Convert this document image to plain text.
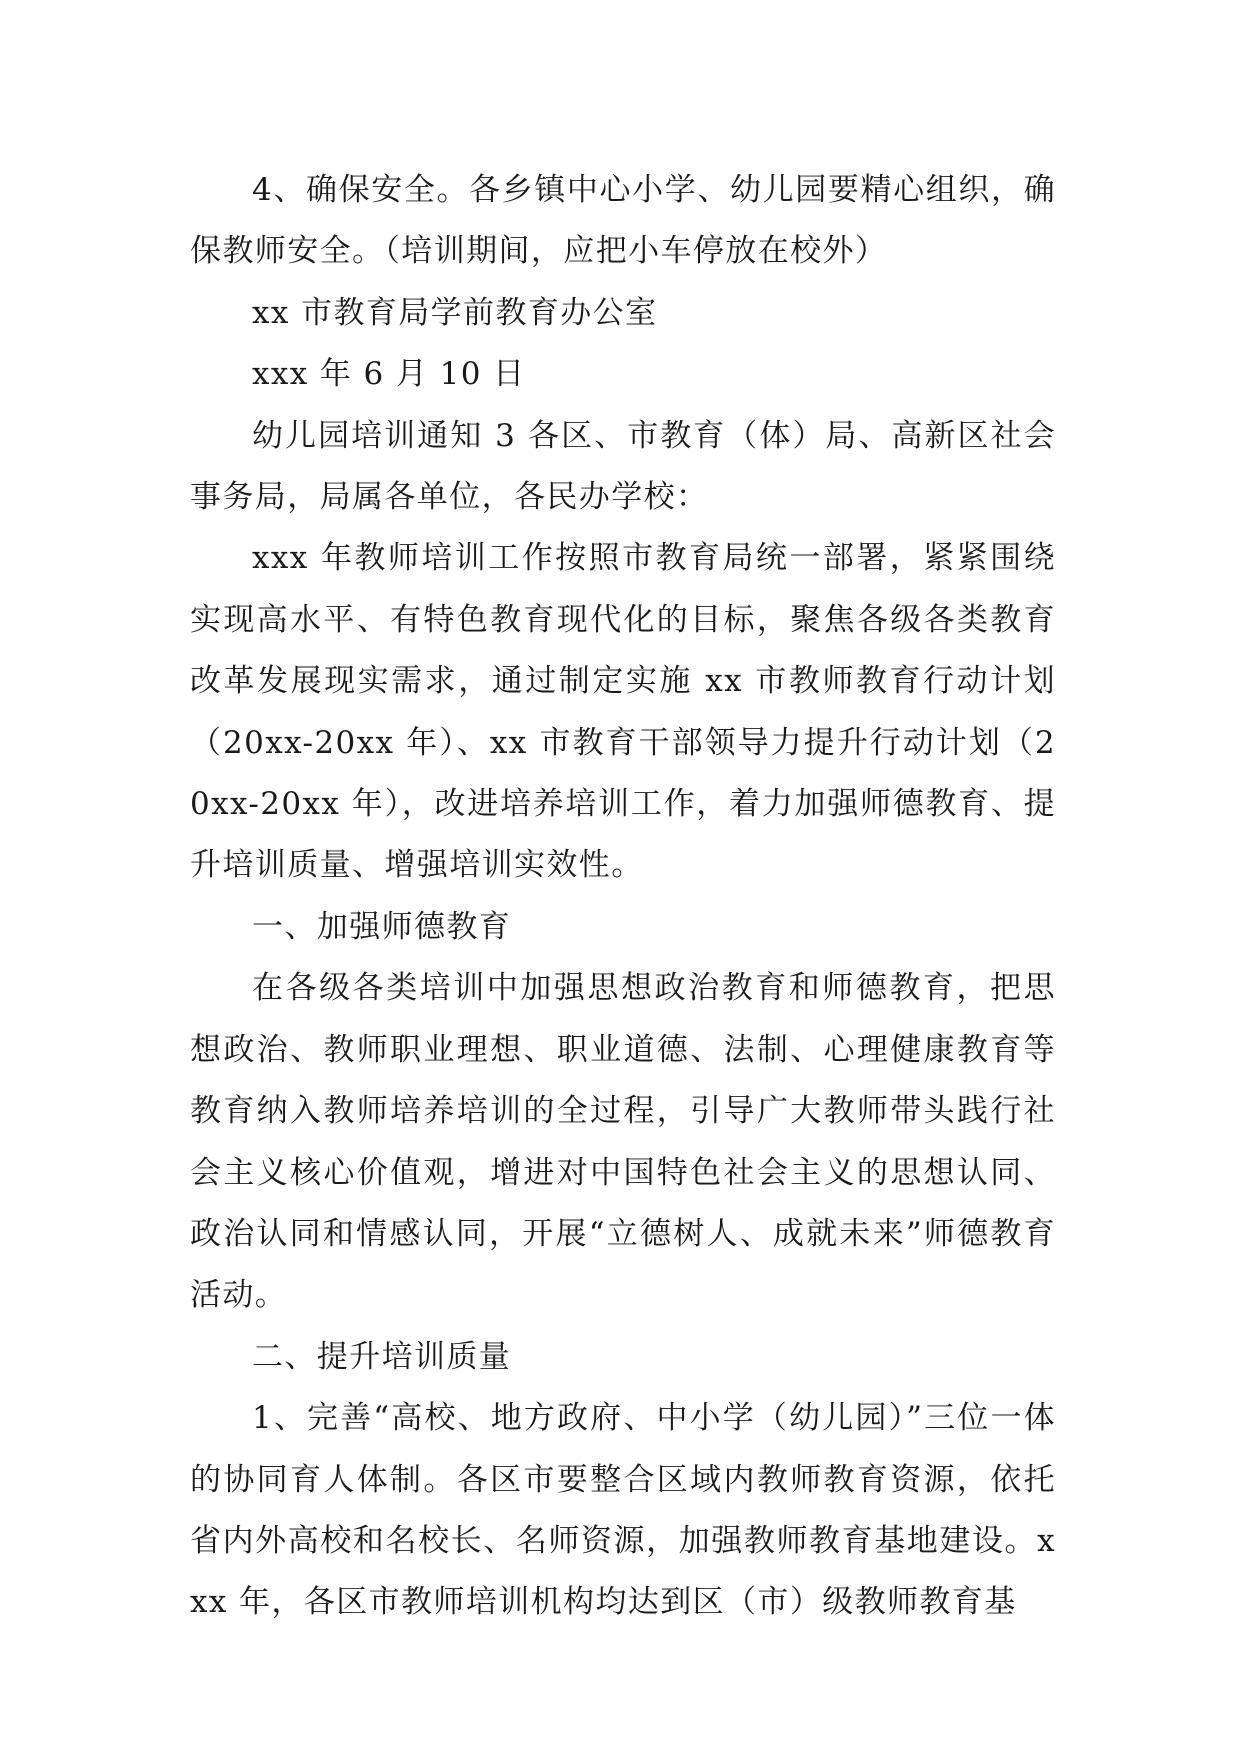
4、确保安全。各乡镇中心小学、幼儿园要精心组织，确保教师安全。（培训期间，应把小车停放在校外）

xx 市教育局学前教育办公室

xxx 年 6 月 10 日

幼儿园培训通知 3 各区、市教育（体）局、高新区社会事务局，局属各单位，各民办学校：

xxx 年教师培训工作按照市教育局统一部署，紧紧围绕实现高水平、有特色教育现代化的目标，聚焦各级各类教育改革发展现实需求，通过制定实施 xx 市教师教育行动计划（20xx-20xx 年）、xx 市教育干部领导力提升行动计划（20xx-20xx 年），改进培养培训工作，着力加强师德教育、提升培训质量、增强培训实效性。

一、加强师德教育

在各级各类培训中加强思想政治教育和师德教育，把思想政治、教师职业理想、职业道德、法制、心理健康教育等教育纳入教师培养培训的全过程，引导广大教师带头践行社会主义核心价值观，增进对中国特色社会主义的思想认同、政治认同和情感认同，开展“立德树人、成就未来”师德教育活动。

二、提升培训质量

1、完善“高校、地方政府、中小学（幼儿园）”三位一体的协同育人体制。各区市要整合区域内教师教育资源，依托省内外高校和名校长、名师资源，加强教师教育基地建设。xxx 年，各区市教师培训机构均达到区（市）级教师教育基
